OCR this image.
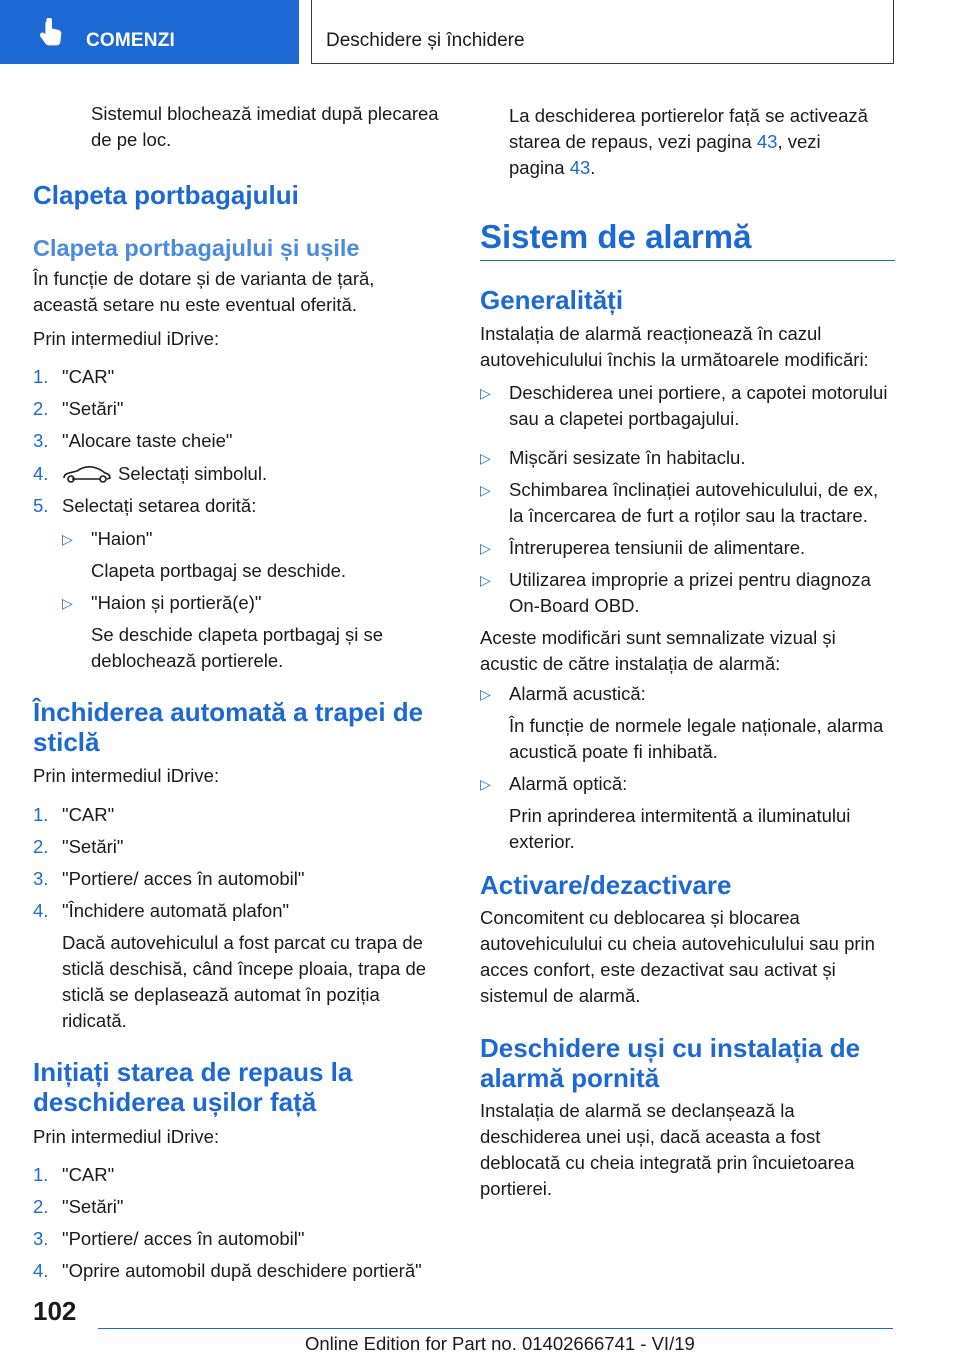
COMENZI	Deschidere și închidere
Sistemul blochează imediat după plecarea de pe loc.
Clapeta portbagajului
Clapeta portbagajului și ușile
În funcție de dotare și de varianta de țară, această setare nu este eventual oferită.
Prin intermediul iDrive:
1. "CAR"
2. "Setări"
3. "Alocare taste cheie"
4.	Selectați simbolul.
5. Selectați setarea dorită:
▷ "Haion"
Clapeta portbagaj se deschide.
▷ "Haion și portieră(e)"
Se deschide clapeta portbagaj și se deblochează portierele.
Închiderea automată a trapei de sticlă
Prin intermediul iDrive:
1. "CAR"
2. "Setări"
3. "Portiere/ acces în automobil"
4. "Închidere automată plafon"
Dacă autovehiculul a fost parcat cu trapa de sticlă deschisă, când începe ploaia, trapa de sticlă se deplasează automat în poziția ridicată.
Inițiați starea de repaus la deschiderea ușilor față
Prin intermediul iDrive:
1. "CAR"
2. "Setări"
3. "Portiere/ acces în automobil"
4. "Oprire automobil după deschidere portieră"
La deschiderea portierelor față se activează starea de repaus, vezi pagina 43, vezi pagina 43.
Sistem de alarmă
Generalități
Instalația de alarmă reacționează în cazul autovehiculului închis la următoarele modificări:
▷ Deschiderea unei portiere, a capotei motorului sau a clapetei portbagajului.
▷ Mișcări sesizate în habitaclu.
▷ Schimbarea înclinației autovehiculului, de ex, la încercarea de furt a roților sau la tractare.
▷ Întreruperea tensiunii de alimentare.
▷ Utilizarea improprie a prizei pentru diagnoza On-Board OBD.
Aceste modificări sunt semnalizate vizual și acustic de către instalația de alarmă:
▷ Alarmă acustică:
În funcție de normele legale naționale, alarma acustică poate fi inhibată.
▷ Alarmă optică:
Prin aprinderea intermitentă a iluminatului exterior.
Activare/dezactivare
Concomitent cu deblocarea și blocarea autovehiculului cu cheia autovehiculului sau prin acces confort, este dezactivat sau activat și sistemul de alarmă.
Deschidere uși cu instalația de alarmă pornită
Instalația de alarmă se declanșează la deschiderea unei uși, dacă aceasta a fost deblocată cu cheia integrată prin încuietoarea portierei.
102
Online Edition for Part no. 01402666741 - VI/19
